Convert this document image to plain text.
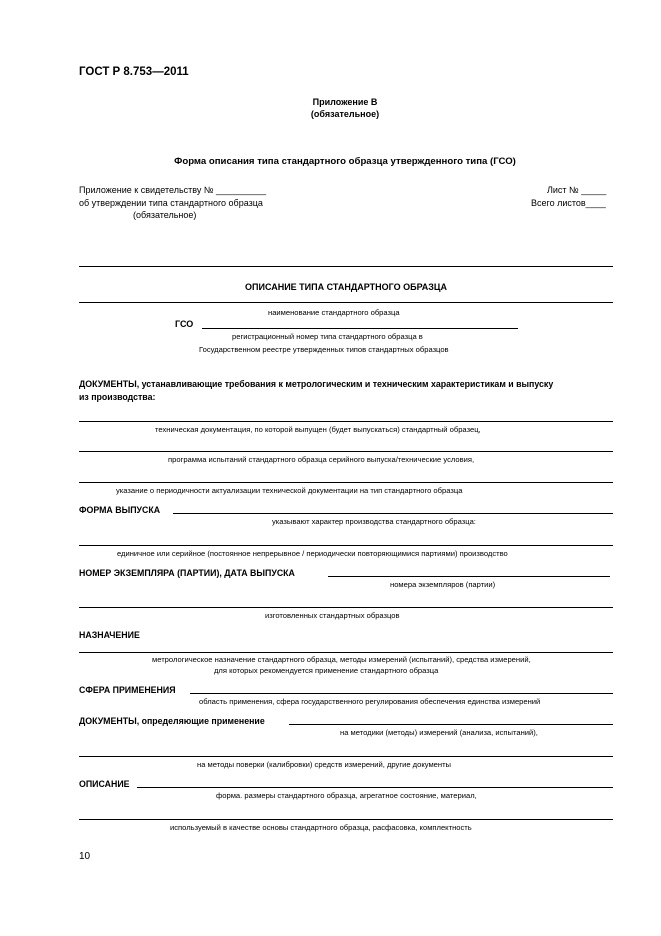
ГОСТ Р 8.753—2011
Приложение В
(обязательное)
Форма описания типа стандартного образца утвержденного типа (ГСО)
Приложение к свидетельству № __________
об утверждении типа стандартного образца
(обязательное)
Лист № _____
Всего листов____
ОПИСАНИЕ ТИПА СТАНДАРТНОГО ОБРАЗЦА
наименование стандартного образца
ГСО
регистрационный номер типа стандартного образца в
Государственном реестре утвержденных типов стандартных образцов
ДОКУМЕНТЫ, устанавливающие требования к метрологическим и техническим характеристикам и выпуску
из производства:
техническая документация, по которой выпущен (будет выпускаться) стандартный образец,
программа испытаний стандартного образца серийного выпуска/технические условия,
указание о периодичности актуализации технической документации на тип стандартного образца
ФОРМА ВЫПУСКА
указывают характер производства стандартного образца:
единичное или серийное (постоянное непрерывное / периодически повторяющимися партиями) производство
НОМЕР ЭКЗЕМПЛЯРА (ПАРТИИ), ДАТА ВЫПУСКА
номера экземпляров (партии)
изготовленных стандартных образцов
НАЗНАЧЕНИЕ
метрологическое назначение стандартного образца, методы измерений (испытаний), средства измерений,
для которых рекомендуется применение стандартного образца
СФЕРА ПРИМЕНЕНИЯ
область применения, сфера государственного регулирования обеспечения единства измерений
ДОКУМЕНТЫ, определяющие применение
на методики (методы) измерений (анализа, испытаний),
на методы поверки (калибровки) средств измерений, другие документы
ОПИСАНИЕ
форма. размеры стандартного образца, агрегатное состояние, материал,
используемый в качестве основы стандартного образца, расфасовка, комплектность
10
